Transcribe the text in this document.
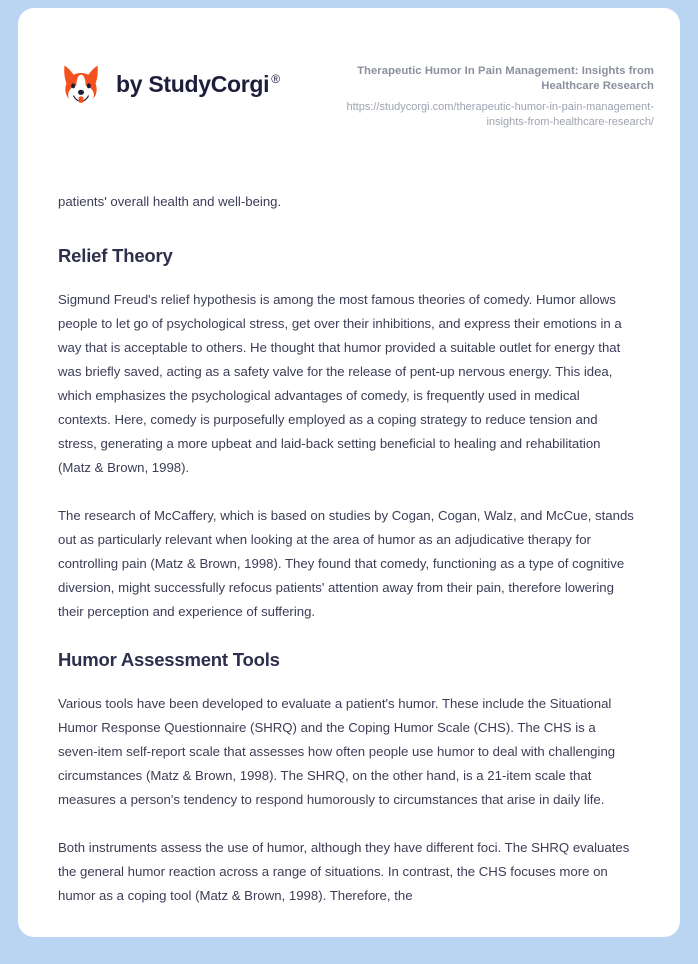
by StudyCorgi ®
Therapeutic Humor In Pain Management: Insights from Healthcare Research
https://studycorgi.com/therapeutic-humor-in-pain-management-insights-from-healthcare-research/

patients' overall health and well-being.

Relief Theory

Sigmund Freud's relief hypothesis is among the most famous theories of comedy. Humor allows people to let go of psychological stress, get over their inhibitions, and express their emotions in a way that is acceptable to others. He thought that humor provided a suitable outlet for energy that was briefly saved, acting as a safety valve for the release of pent-up nervous energy. This idea, which emphasizes the psychological advantages of comedy, is frequently used in medical contexts. Here, comedy is purposefully employed as a coping strategy to reduce tension and stress, generating a more upbeat and laid-back setting beneficial to healing and rehabilitation (Matz & Brown, 1998).

The research of McCaffery, which is based on studies by Cogan, Cogan, Walz, and McCue, stands out as particularly relevant when looking at the area of humor as an adjudicative therapy for controlling pain (Matz & Brown, 1998). They found that comedy, functioning as a type of cognitive diversion, might successfully refocus patients' attention away from their pain, therefore lowering their perception and experience of suffering.

Humor Assessment Tools

Various tools have been developed to evaluate a patient's humor. These include the Situational Humor Response Questionnaire (SHRQ) and the Coping Humor Scale (CHS). The CHS is a seven-item self-report scale that assesses how often people use humor to deal with challenging circumstances (Matz & Brown, 1998). The SHRQ, on the other hand, is a 21-item scale that measures a person's tendency to respond humorously to circumstances that arise in daily life.

Both instruments assess the use of humor, although they have different foci. The SHRQ evaluates the general humor reaction across a range of situations. In contrast, the CHS focuses more on humor as a coping tool (Matz & Brown, 1998). Therefore, the
